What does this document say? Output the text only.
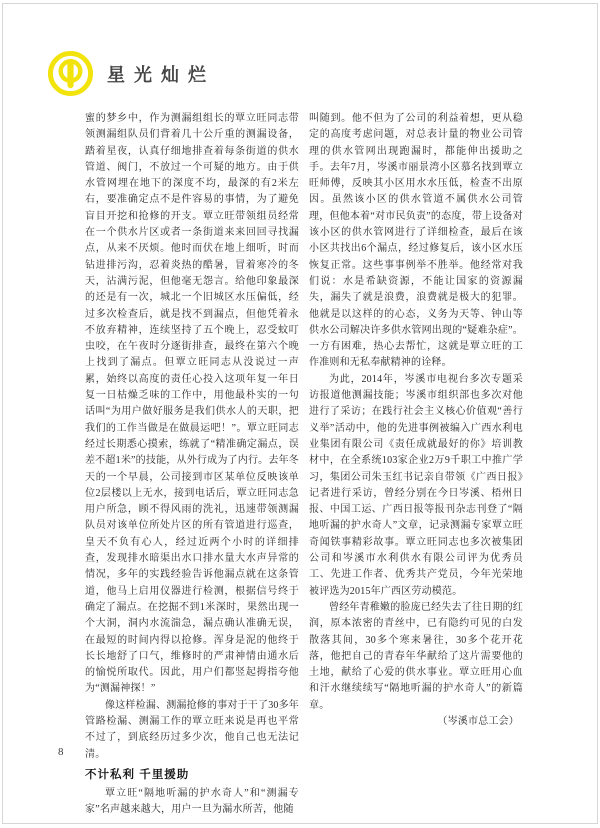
星光灿烂

蜜的梦乡中，作为测漏组组长的覃立旺同志带领测漏组队员们背着几十公斤重的测漏设备，踏着星夜，认真仔细地排查着每条街道的供水管道、阀门，不放过一个可疑的地方。由于供水管网埋在地下的深度不均，最深的有2米左右，要准确定点不是件容易的事情，为了避免盲目开挖和抢修的开支。覃立旺带领组员经常在一个供水片区或者一条街道来来回回寻找漏点，从来不厌烦。他时而伏在地上细听，时而钻进排污沟，忍着炎热的酷暑，冒着寒冷的冬天，沾满污泥，但他毫无怨言。给他印象最深的还是有一次，城北一个旧城区水压偏低，经过多次检查后，就是找不到漏点，但他凭着永不放弃精神，连续坚持了五个晚上，忍受蚊叮虫咬，在午夜时分逐街排查，最终在第六个晚上找到了漏点。但覃立旺同志从没说过一声累，始终以高度的责任心投入这项年复一年日复一日枯燥乏味的工作中，用他最朴实的一句话叫“为用户做好服务是我们供水人的天职，把我们的工作当做是在做晨运吧！”。覃立旺同志经过长期悉心摸索，练就了“精准确定漏点，误差不超1米”的技能，从外行成为了内行。去年冬天的一个早晨，公司接到市区某单位反映该单位2层楼以上无水，接到电话后，覃立旺同志急用户所急，顾不得风雨的洗礼，迅速带领测漏队员对该单位所处片区的所有管道进行巡查，皇天不负有心人，经过近两个小时的详细排查，发现排水暗渠出水口排水量大水声异常的情况，多年的实践经验告诉他漏点就在这条管道，他马上启用仪器进行检测，根据信号终于确定了漏点。在挖掘不到1米深时，果然出现一个大洞，洞内水流湍急，漏点确认准确无误，在最短的时间内得以抢修。浑身是泥的他终于长长地舒了口气，维修时的严肃神情由通水后的愉悦所取代。因此，用户们都竖起拇指夸他为“测漏神探！”

像这样检漏、测漏抢修的事对于干了30多年管路检漏、测漏工作的覃立旺来说是再也平常不过了，到底经历过多少次，他自己也无法记清。

不计私利 千里援助

覃立旺“隔地听漏的护水奇人”和“测漏专家”名声越来越大，用户一旦为漏水所苦，他随

叫随到。他不但为了公司的利益着想，更从稳定的高度考虑问题，对总表计量的物业公司管理的供水管网出现跑漏时，都能伸出援助之手。去年7月，岑溪市丽景湾小区慕名找到覃立旺师傅，反映其小区用水水压低，检查不出原因。虽然该小区的供水管道不属供水公司管理，但他本着“对市民负责”的态度，带上设备对该小区的供水管网进行了详细检查，最后在该小区共找出6个漏点，经过修复后，该小区水压恢复正常。这些事事例举不胜举。他经常对我们说：水是希缺资源，不能让国家的资源漏失，漏失了就是浪费，浪费就是极大的犯罪。他就是以这样的的心态，义务为天等、钟山等供水公司解决许多供水管网出现的“疑难杂症”。一方有困难，热心去帮忙，这就是覃立旺的工作准则和无私奉献精神的诠释。

为此，2014年，岑溪市电视台多次专题采访报道他测漏技能；岑溪市组织部也多次对他进行了采访；在践行社会主义核心价值观“善行义举”活动中，他的先进事例被编入广西水利电业集团有限公司《责任成就最好的你》培训教材中，在全系统103家企业2万9千职工中推广学习，集团公司朱玉红书记亲自带领《广西日报》记者进行采访，曾经分别在今日岑溪、梧州日报、中国工运、广西日报等报刊杂志刊登了“隔地听漏的护水奇人”文章，记录测漏专家覃立旺奇闻铁事精彩故事。覃立旺同志也多次被集团公司和岑溪市水利供水有限公司评为优秀员工、先进工作者、优秀共产党员，今年光荣地被评选为2015年广西区劳动模范。

曾经年青稚嫩的脸庞已经失去了往日期的红润，原本浓密的青丝中，已有隐约可见的白发散落其间，30多个寒来暑往，30多个花开花落，他把自己的青春年华献给了这片需要他的土地，献给了心爱的供水事业。覃立旺用心血和汗水继续续写“隔地听漏的护水奇人”的新篇章。

（岑溪市总工会）

8
